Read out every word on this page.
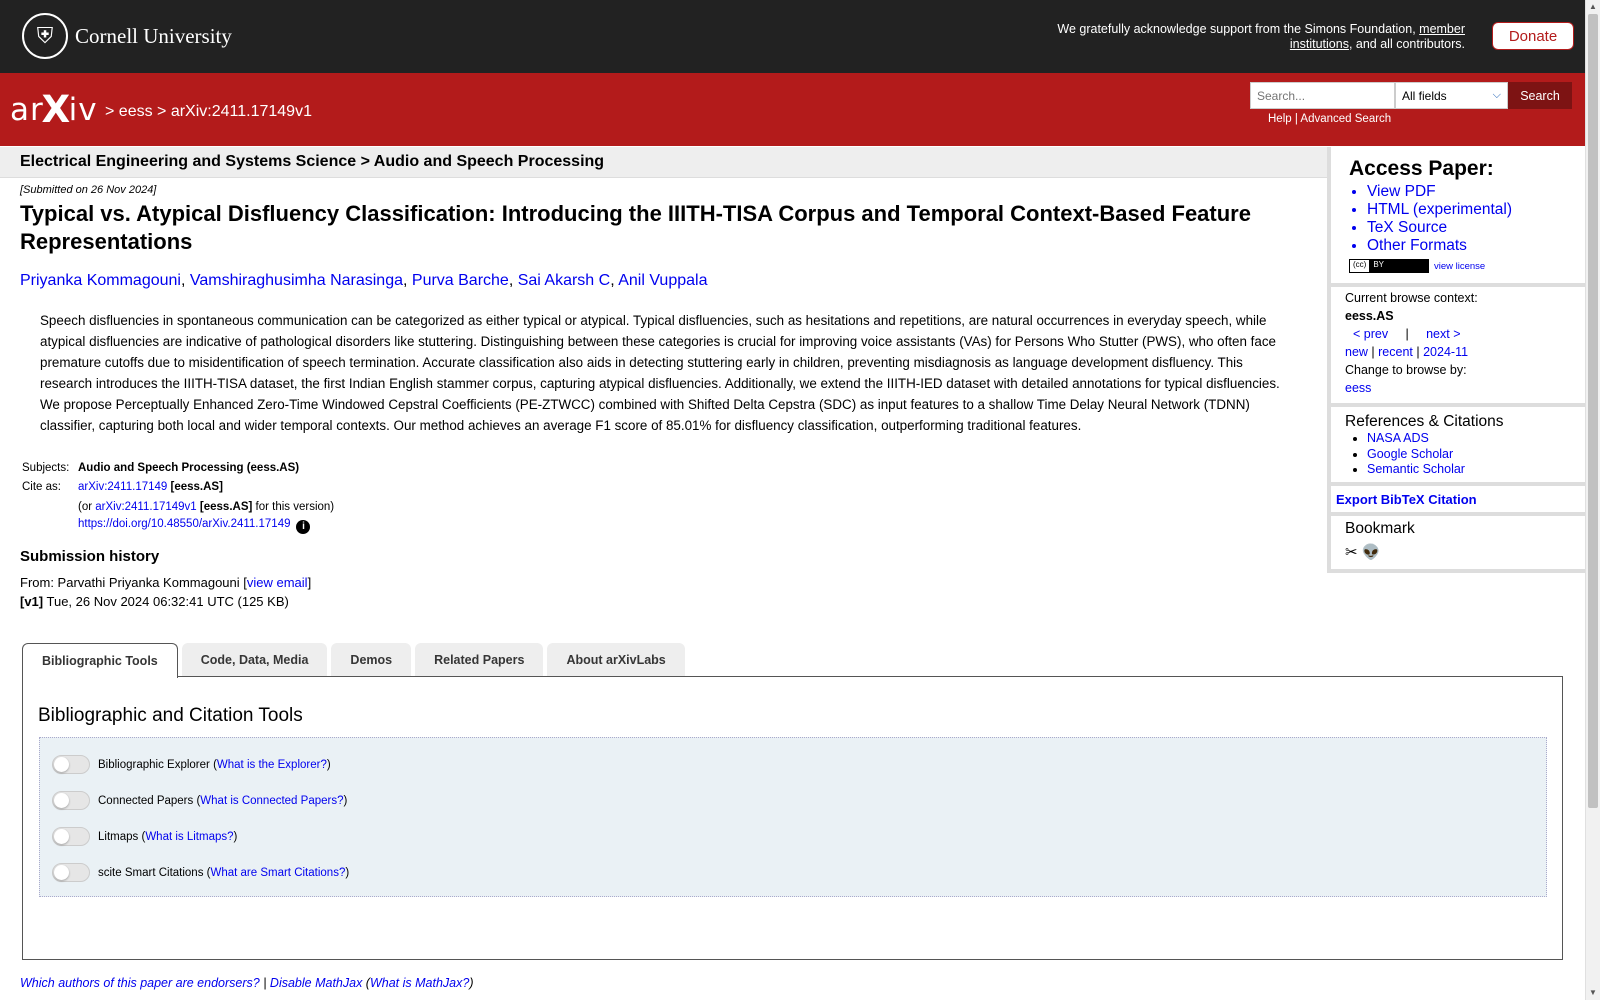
⛨	Cornell University	We gratefully acknowledge support from the Simons Foundation, member institutions, and all contributors.	Donate
arXiv > eess > arXiv:2411.17149v1
Search...
All fields	⌵	Search
Help | Advanced Search
Electrical Engineering and Systems Science > Audio and Speech Processing
[Submitted on 26 Nov 2024]
Typical vs. Atypical Disfluency Classification: Introducing the IIITH-TISA Corpus and Temporal Context-Based Feature Representations
Priyanka Kommagouni, Vamshiraghusimha Narasinga, Purva Barche, Sai Akarsh C, Anil Vuppala

Speech disfluencies in spontaneous communication can be categorized as either typical or atypical. Typical disfluencies, such as hesitations and repetitions, are natural occurrences in everyday speech, while atypical disfluencies are indicative of pathological disorders like stuttering. Distinguishing between these categories is crucial for improving voice assistants (VAs) for Persons Who Stutter (PWS), who often face premature cutoffs due to misidentification of speech termination. Accurate classification also aids in detecting stuttering early in children, preventing misdiagnosis as language development disfluency. This research introduces the IIITH-TISA dataset, the first Indian English stammer corpus, capturing atypical disfluencies. Additionally, we extend the IIITH-IED dataset with detailed annotations for typical disfluencies. We propose Perceptually Enhanced Zero-Time Windowed Cepstral Coefficients (PE-ZTWCC) combined with Shifted Delta Cepstra (SDC) as input features to a shallow Time Delay Neural Network (TDNN) classifier, capturing both local and wider temporal contexts. Our method achieves an average F1 score of 85.01% for disfluency classification, outperforming traditional features.

Subjects: Audio and Speech Processing (eess.AS)
Cite as:	arXiv:2411.17149 [eess.AS]
(or arXiv:2411.17149v1 [eess.AS] for this version)
https://doi.org/10.48550/arXiv.2411.17149 i
Submission history
From: Parvathi Priyanka Kommagouni [view email]
[v1] Tue, 26 Nov 2024 06:32:41 UTC (125 KB)
Access Paper:
• View PDF
• HTML (experimental)
• TeX Source
• Other Formats
(cc) BY	view license
Current browse context:
eess.AS
< prev | next >
new | recent | 2024-11
Change to browse by:
eess
References & Citations
• NASA ADS
• Google Scholar
• Semantic Scholar
Export BibTeX Citation
Bookmark
✂ 👽
▲
▼
Bibliographic Tools	Code, Data, Media	Demos	Related Papers	About arXivLabs
Bibliographic and Citation Tools
Bibliographic Explorer ( What is the Explorer? )
Connected Papers ( What is Connected Papers? )
Litmaps ( What is Litmaps? )
scite Smart Citations ( What are Smart Citations? )
Which authors of this paper are endorsers? | Disable MathJax (What is MathJax?)
